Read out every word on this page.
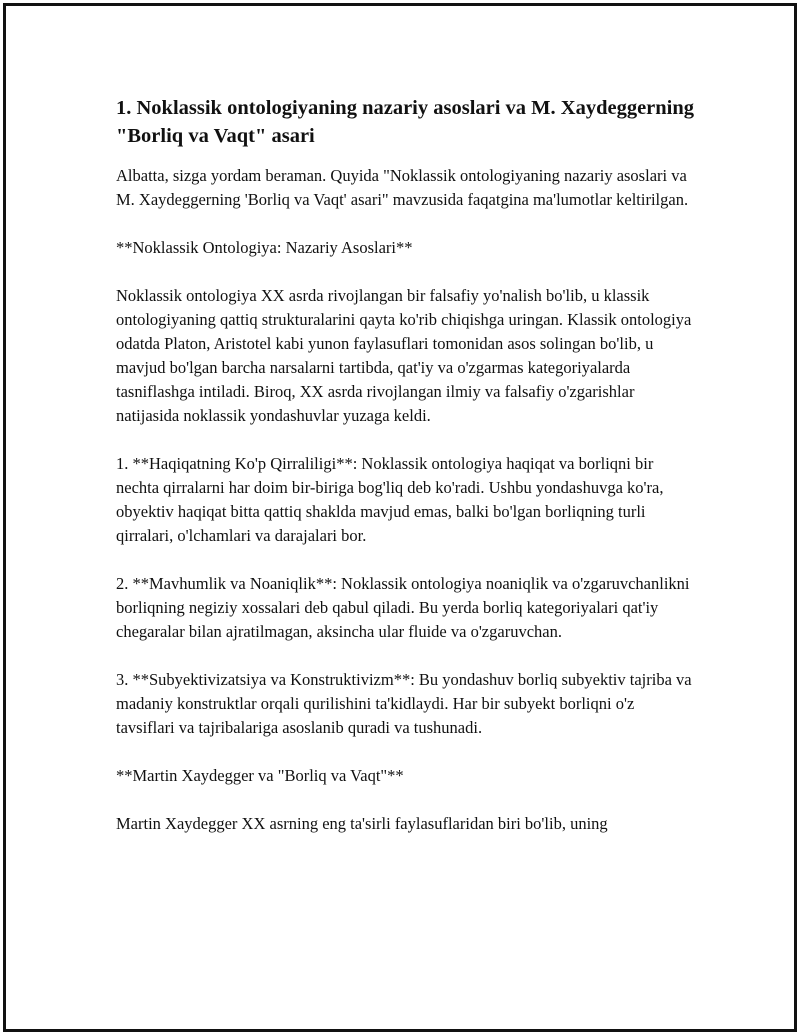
1. Noklassik ontologiyaning nazariy asoslari va M. Xaydeggerning "Borliq va Vaqt" asari

Albatta, sizga yordam beraman. Quyida "Noklassik ontologiyaning nazariy asoslari va M. Xaydeggerning 'Borliq va Vaqt' asari" mavzusida faqatgina ma'lumotlar keltirilgan.

**Noklassik Ontologiya: Nazariy Asoslari**

Noklassik ontologiya XX asrda rivojlangan bir falsafiy yo'nalish bo'lib, u klassik ontologiyaning qattiq strukturalarini qayta ko'rib chiqishga uringan. Klassik ontologiya odatda Platon, Aristotel kabi yunon faylasuflari tomonidan asos solingan bo'lib, u mavjud bo'lgan barcha narsalarni tartibda, qat'iy va o'zgarmas kategoriyalarda tasniflashga intiladi. Biroq, XX asrda rivojlangan ilmiy va falsafiy o'zgarishlar natijasida noklassik yondashuvlar yuzaga keldi.

1. **Haqiqatning Ko'p Qirraliligi**: Noklassik ontologiya haqiqat va borliqni bir nechta qirralarni har doim bir-biriga bog'liq deb ko'radi. Ushbu yondashuvga ko'ra, obyektiv haqiqat bitta qattiq shaklda mavjud emas, balki bo'lgan borliqning turli qirralari, o'lchamlari va darajalari bor.

2. **Mavhumlik va Noaniqlik**: Noklassik ontologiya noaniqlik va o'zgaruvchanlikni borliqning negiziy xossalari deb qabul qiladi. Bu yerda borliq kategoriyalari qat'iy chegaralar bilan ajratilmagan, aksincha ular fluide va o'zgaruvchan.

3. **Subyektivizatsiya va Konstruktivizm**: Bu yondashuv borliq subyektiv tajriba va madaniy konstruktlar orqali qurilishini ta'kidlaydi. Har bir subyekt borliqni o'z tavsiflari va tajribalariga asoslanib quradi va tushunadi.

**Martin Xaydegger va "Borliq va Vaqt"**

Martin Xaydegger XX asrning eng ta'sirli faylasuflaridan biri bo'lib, uning
